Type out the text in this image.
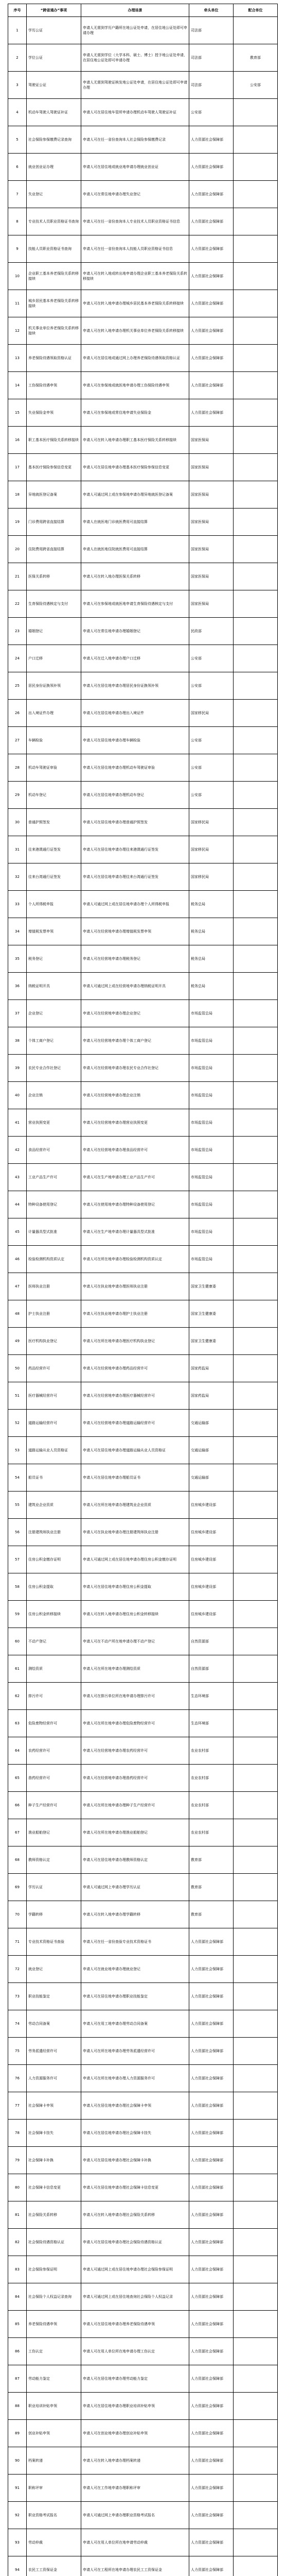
序号	“跨省通办”事项	办理场景	牵头单位	配合单位
1	学历公证	申请人无需到学历户籍所在地公证处申请，在居住地公证处即可申请办理	司法部	
2	学位公证	申请人无需到学位（大学本科、硕士、博士）授予地公证处申请，在居住地公证处即可申请办理	司法部	教育部
3	驾驶证公证	申请人无需到驾驶证核发地公证处申请，在居住地公证处即可申请办理	司法部	公安部
4	机动车驾驶人驾驶证补证	申请人可在居住地车管所申请办理机动车驾驶人驾驶证补证	公安部	
5	社会保险参保缴费记录查询	申请人可在任一省份查询本人社会保险参保缴费记录	人力资源社会保障部	
6	就业创业证办理	申请人可在居住地或就业地申请办理就业创业证	人力资源社会保障部	
7	失业登记	申请人可在常住地申请办理失业登记	人力资源社会保障部	
8	专业技术人员职业资格证书查询	申请人可在任一省份查询本人专业技术人员职业资格证书信息	人力资源社会保障部	
9	技能人员职业资格证书查询	申请人可在任一省份查询本人技能人员职业资格证书信息	人力资源社会保障部	
10	企业职工基本养老保险关系转移接续	申请人可在转入地或转出地申请办理企业职工基本养老保险关系转移接续	人力资源社会保障部	
11	城乡居民基本养老保险关系转移接续	申请人可在转入地申请办理城乡居民基本养老保险关系转移接续	人力资源社会保障部	
12	机关事业单位养老保险关系转移接续	申请人可在转入地申请办理机关事业单位养老保险关系转移接续	人力资源社会保障部	
13	养老保险待遇领取资格认证	申请人可在居住地或通过网上办理养老保险待遇领取资格认证	人力资源社会保障部	
14	工伤保险待遇申领	申请人可在参保地或就医地申请办理工伤保险待遇申领	人力资源社会保障部	
15	失业保险金申领	申请人可在参保地或常住地申请失业保险金	人力资源社会保障部	
16	职工基本医疗保险关系转移接续	申请人可在转入地申请办理职工基本医疗保险关系转移接续	国家医保局	
17	基本医疗保险参保信息变更	申请人可在居住地申请办理基本医疗保险参保信息变更	国家医保局	
18	异地就医登记备案	申请人可通过网上或在参保地申请办理异地就医登记备案	国家医保局	
19	门诊费用跨省直接结算	申请人在就医地门诊就医费用可直接结算	国家医保局	
20	住院费用跨省直接结算	申请人在就医地住院就医费用可直接结算	国家医保局	
21	医保关系转移	申请人可在转入地办理医保关系转移	国家医保局	
22	生育保险待遇核定与支付	申请人可在参保地或就医地申请生育保险待遇核定与支付	国家医保局	
23	婚姻登记	申请人可在常住地申请办理婚姻登记	民政部	
24	户口迁移	申请人可在迁入地申请办理户口迁移	公安部	
25	居民身份证换领补领	申请人可在居住地申请办理居民身份证换领补领	公安部	
26	出入境证件办理	申请人可在居住地申请办理出入境证件	国家移民局	
27	车辆检验	申请人可在居住地申请办理车辆检验	公安部	
28	机动车驾驶证审验	申请人可在居住地申请办理机动车驾驶证审验	公安部	
29	机动车登记	申请人可在居住地申请办理机动车登记	公安部	
30	普通护照签发	申请人可在居住地申请办理普通护照签发	国家移民局	
31	往来港澳通行证签发	申请人可在居住地申请办理往来港澳通行证签发	国家移民局	
32	往来台湾通行证签发	申请人可在居住地申请办理往来台湾通行证签发	国家移民局	
33	个人所得税申报	申请人可通过网上或在居住地申请办理个人所得税申报	税务总局	
34	增值税发票申领	申请人可在经营地申请办理增值税发票申领	税务总局	
35	税务登记	申请人可在经营地申请办理税务登记	税务总局	
36	纳税证明开具	申请人可通过网上或在经营地申请办理纳税证明开具	税务总局	
37	企业登记	申请人可在经营地申请办理企业登记	市场监管总局	
38	个体工商户登记	申请人可在经营地申请办理个体工商户登记	市场监管总局	
39	农民专业合作社登记	申请人可在经营地申请办理农民专业合作社登记	市场监管总局	
40	企业注销	申请人可在经营地申请办理企业注销	市场监管总局	
41	营业执照变更	申请人可在经营地申请办理营业执照变更	市场监管总局	
42	食品经营许可	申请人可在经营地申请办理食品经营许可	市场监管总局	
43	工业产品生产许可	申请人可在生产地申请办理工业产品生产许可	市场监管总局	
44	特种设备使用登记	申请人可在使用地申请办理特种设备使用登记	市场监管总局	
45	计量器具型式批准	申请人可在生产地申请办理计量器具型式批准	市场监管总局	
46	检验检测机构资质认定	申请人可在所在地申请办理检验检测机构资质认定	市场监管总局	
47	医师执业注册	申请人可在执业地申请办理医师执业注册	国家卫生健康委	
48	护士执业注册	申请人可在执业地申请办理护士执业注册	国家卫生健康委	
49	医疗机构执业登记	申请人可在所在地申请办理医疗机构执业登记	国家卫生健康委	
50	药品经营许可	申请人可在经营地申请办理药品经营许可	国家药监局	
51	医疗器械经营许可	申请人可在经营地申请办理医疗器械经营许可	国家药监局	
52	道路运输经营许可	申请人可在经营地申请办理道路运输经营许可	交通运输部	
53	道路运输从业人员资格证	申请人可在居住地申请办理道路运输从业人员资格证	交通运输部	
54	船员证书	申请人可在居住地申请办理船员证书	交通运输部	
55	建筑业企业资质	申请人可在所在地申请办理建筑业企业资质	住房城乡建设部	
56	注册建筑师执业注册	申请人可在执业地申请办理注册建筑师执业注册	住房城乡建设部	
57	住房公积金缴存证明	申请人可通过网上或在居住地申请办理住房公积金缴存证明	住房城乡建设部	
58	住房公积金提取	申请人可在居住地申请办理住房公积金提取	住房城乡建设部	
59	住房公积金转移接续	申请人可在转入地申请办理住房公积金转移接续	住房城乡建设部	
60	不动产登记	申请人可在不动产所在地申请办理不动产登记	自然资源部	
61	测绘资质	申请人可在所在地申请办理测绘资质	自然资源部	
62	排污许可	申请人可在排污单位所在地申请办理排污许可	生态环境部	
63	危险废物经营许可	申请人可在所在地申请办理危险废物经营许可	生态环境部	
64	农药经营许可	申请人可在经营地申请办理农药经营许可	农业农村部	
65	兽药经营许可	申请人可在经营地申请办理兽药经营许可	农业农村部	
66	种子生产经营许可	申请人可在所在地申请办理种子生产经营许可	农业农村部	
67	渔业船舶登记	申请人可在所在地申请办理渔业船舶登记	农业农村部	
68	教师资格认定	申请人可在居住地申请办理教师资格认定	教育部	
69	学历认证	申请人可通过网上申请办理学历认证	教育部	
70	学籍转移	申请人可在转入地申请办理学籍转移	教育部	
71	专业技术资格证书查验	申请人可在任一省份查验专业技术资格证书	人力资源社会保障部	
72	就业登记	申请人可在就业地申请办理就业登记	人力资源社会保障部	
73	职业技能鉴定	申请人可在居住地申请办理职业技能鉴定	人力资源社会保障部	
74	劳动合同备案	申请人可在用工地申请办理劳动合同备案	人力资源社会保障部	
75	劳务派遣经营许可	申请人可在所在地申请办理劳务派遣经营许可	人力资源社会保障部	
76	人力资源服务许可	申请人可在所在地申请办理人力资源服务许可	人力资源社会保障部	
77	社会保障卡申领	申请人可在居住地申请办理社会保障卡申领	人力资源社会保障部	
78	社会保障卡挂失	申请人可在居住地申请办理社会保障卡挂失	人力资源社会保障部	
79	社会保障卡补换	申请人可在居住地申请办理社会保障卡补换	人力资源社会保障部	
80	社会保障卡信息变更	申请人可在居住地申请办理社会保障卡信息变更	人力资源社会保障部	
81	社会保险关系转移	申请人可在转入地申请办理社会保险关系转移	人力资源社会保障部	
82	社会保险待遇资格认证	申请人可在居住地申请办理社会保险待遇资格认证	人力资源社会保障部	
83	社会保险参保证明	申请人可通过网上或在居住地申请办理社会保险参保证明	人力资源社会保障部	
84	社会保险个人权益记录查询	申请人可通过网上或在居住地查询社会保险个人权益记录	人力资源社会保障部	
85	养老保险待遇申领	申请人可在居住地申请办理养老保险待遇申领	人力资源社会保障部	
86	工伤认定	申请人可在用人单位所在地申请办理工伤认定	人力资源社会保障部	
87	劳动能力鉴定	申请人可在居住地申请办理劳动能力鉴定	人力资源社会保障部	
88	职业培训补贴申领	申请人可在居住地申请办理职业培训补贴申领	人力资源社会保障部	
89	创业补贴申领	申请人可在创业地申请办理创业补贴申领	人力资源社会保障部	
90	档案转递	申请人可在转入地申请办理档案转递	人力资源社会保障部	
91	职称评审	申请人可在工作地申请办理职称评审	人力资源社会保障部	
92	职业资格考试报名	申请人可通过网上申请办理职业资格考试报名	人力资源社会保障部	
93	劳动仲裁	申请人可在用人单位所在地申请劳动仲裁	人力资源社会保障部	
94	农民工工资保证金	申请人可在工程所在地申请办理农民工工资保证金	人力资源社会保障部	
